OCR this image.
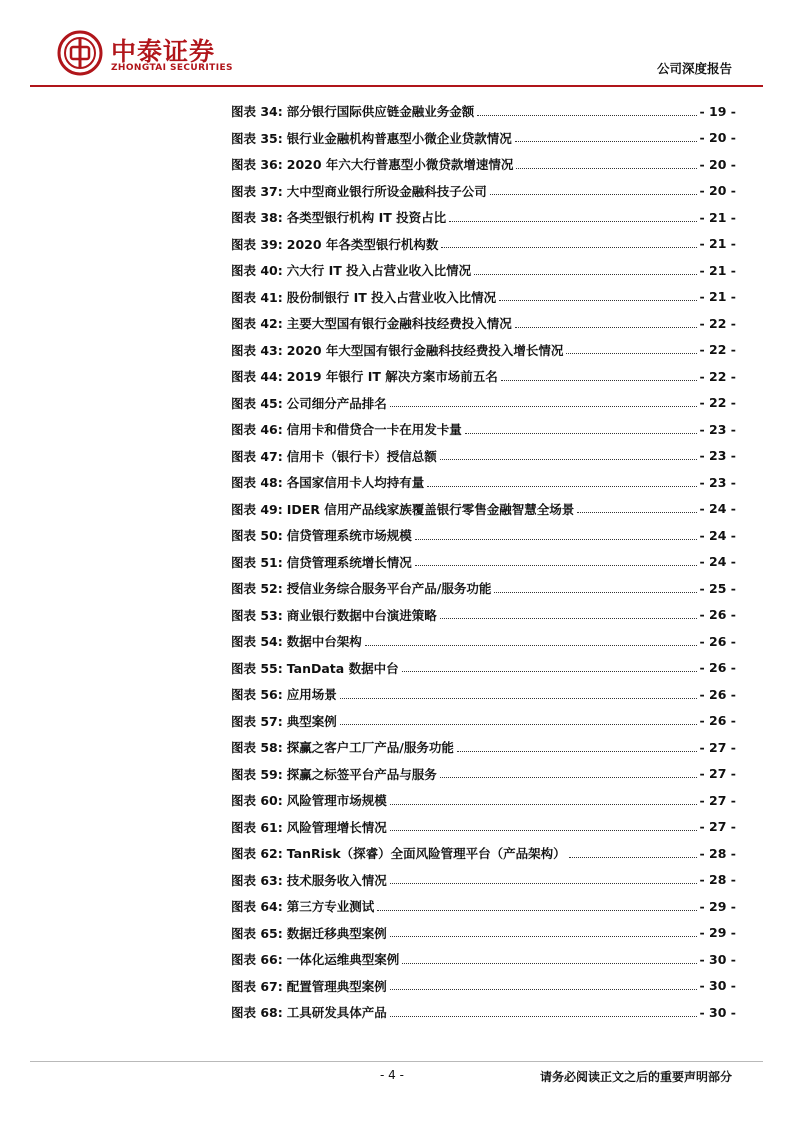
中泰证券
ZHONGTAI SECURITIES	公司深度报告
图表 34: 部分银行国际供应链金融业务金额	- 19 -
图表 35: 银行业金融机构普惠型小微企业贷款情况	- 20 -
图表 36: 2020 年六大行普惠型小微贷款增速情况	- 20 -
图表 37: 大中型商业银行所设金融科技子公司	- 20 -
图表 38: 各类型银行机构 IT 投资占比	- 21 -
图表 39: 2020 年各类型银行机构数	- 21 -
图表 40: 六大行 IT 投入占营业收入比情况	- 21 -
图表 41: 股份制银行 IT 投入占营业收入比情况	- 21 -
图表 42: 主要大型国有银行金融科技经费投入情况	- 22 -
图表 43: 2020 年大型国有银行金融科技经费投入增长情况	- 22 -
图表 44: 2019 年银行 IT 解决方案市场前五名	- 22 -
图表 45: 公司细分产品排名	- 22 -
图表 46: 信用卡和借贷合一卡在用发卡量	- 23 -
图表 47: 信用卡（银行卡）授信总额	- 23 -
图表 48: 各国家信用卡人均持有量	- 23 -
图表 49: IDER 信用产品线家族覆盖银行零售金融智慧全场景	- 24 -
图表 50: 信贷管理系统市场规模	- 24 -
图表 51: 信贷管理系统增长情况	- 24 -
图表 52: 授信业务综合服务平台产品/服务功能	- 25 -
图表 53: 商业银行数据中台演进策略	- 26 -
图表 54: 数据中台架构	- 26 -
图表 55: TanData 数据中台	- 26 -
图表 56: 应用场景	- 26 -
图表 57: 典型案例	- 26 -
图表 58: 探赢之客户工厂产品/服务功能	- 27 -
图表 59: 探赢之标签平台产品与服务	- 27 -
图表 60: 风险管理市场规模	- 27 -
图表 61: 风险管理增长情况	- 27 -
图表 62: TanRisk（探睿）全面风险管理平台（产品架构）	- 28 -
图表 63: 技术服务收入情况	- 28 -
图表 64: 第三方专业测试	- 29 -
图表 65: 数据迁移典型案例	- 29 -
图表 66: 一体化运维典型案例	- 30 -
图表 67: 配置管理典型案例	- 30 -
图表 68: 工具研发具体产品	- 30 -
- 4 -	请务必阅读正文之后的重要声明部分
